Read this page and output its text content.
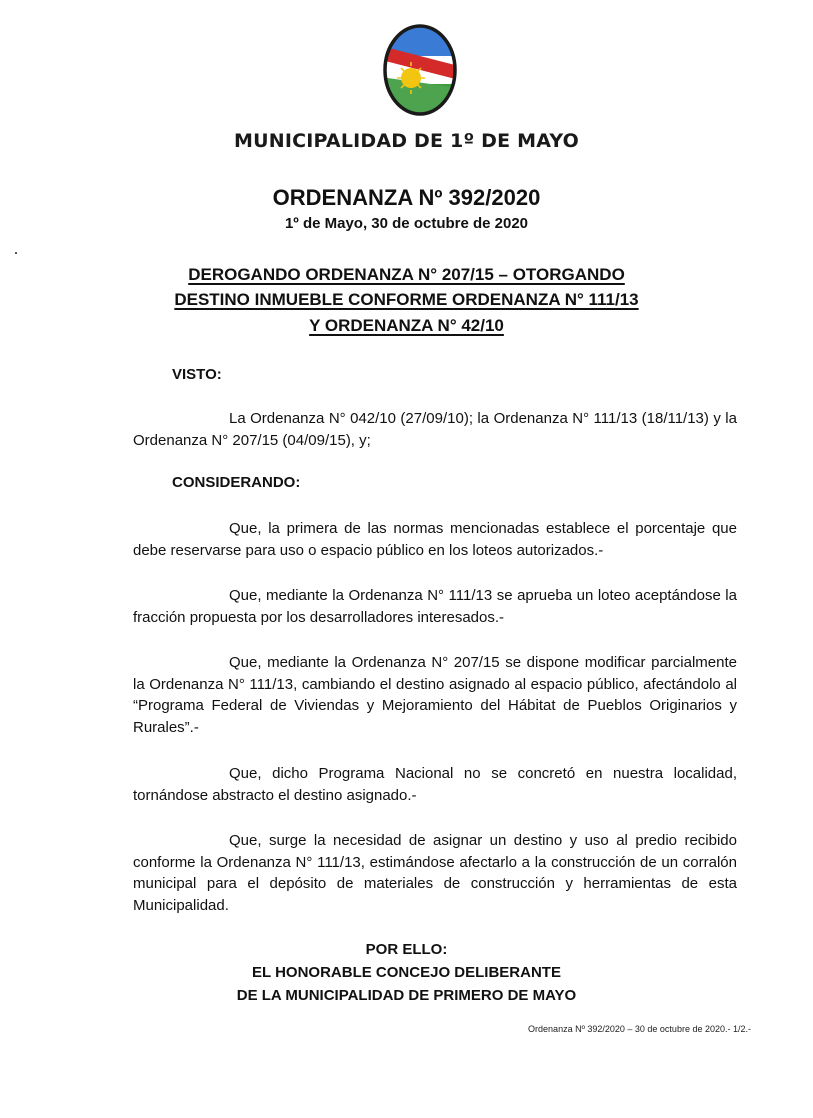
MUNICIPALIDAD DE 1º DE MAYO
ORDENANZA Nº 392/2020
1º de Mayo, 30 de octubre de 2020
DEROGANDO ORDENANZA N° 207/15 – OTORGANDO
DESTINO INMUEBLE CONFORME ORDENANZA N° 111/13
Y ORDENANZA N° 42/10
VISTO:

La Ordenanza N° 042/10 (27/09/10); la Ordenanza N° 111/13 (18/11/13) y la Ordenanza N° 207/15 (04/09/15), y;

CONSIDERANDO:

Que, la primera de las normas mencionadas establece el porcentaje que debe reservarse para uso o espacio público en los loteos autorizados.-

Que, mediante la Ordenanza N° 111/13 se aprueba un loteo aceptándose la fracción propuesta por los desarrolladores interesados.-

Que, mediante la Ordenanza N° 207/15 se dispone modificar parcialmente la Ordenanza N° 111/13, cambiando el destino asignado al espacio público, afectándolo al “Programa Federal de Viviendas y Mejoramiento del Hábitat de Pueblos Originarios y Rurales”.-

Que, dicho Programa Nacional no se concretó en nuestra localidad, tornándose abstracto el destino asignado.-

Que, surge la necesidad de asignar un destino y uso al predio recibido conforme la Ordenanza N° 111/13, estimándose afectarlo a la construcción de un corralón municipal para el depósito de materiales de construcción y herramientas de esta Municipalidad.

POR ELLO:
EL HONORABLE CONCEJO DELIBERANTE
DE LA MUNICIPALIDAD DE PRIMERO DE MAYO
Ordenanza Nº 392/2020 – 30 de octubre de 2020.- 1/2.-
